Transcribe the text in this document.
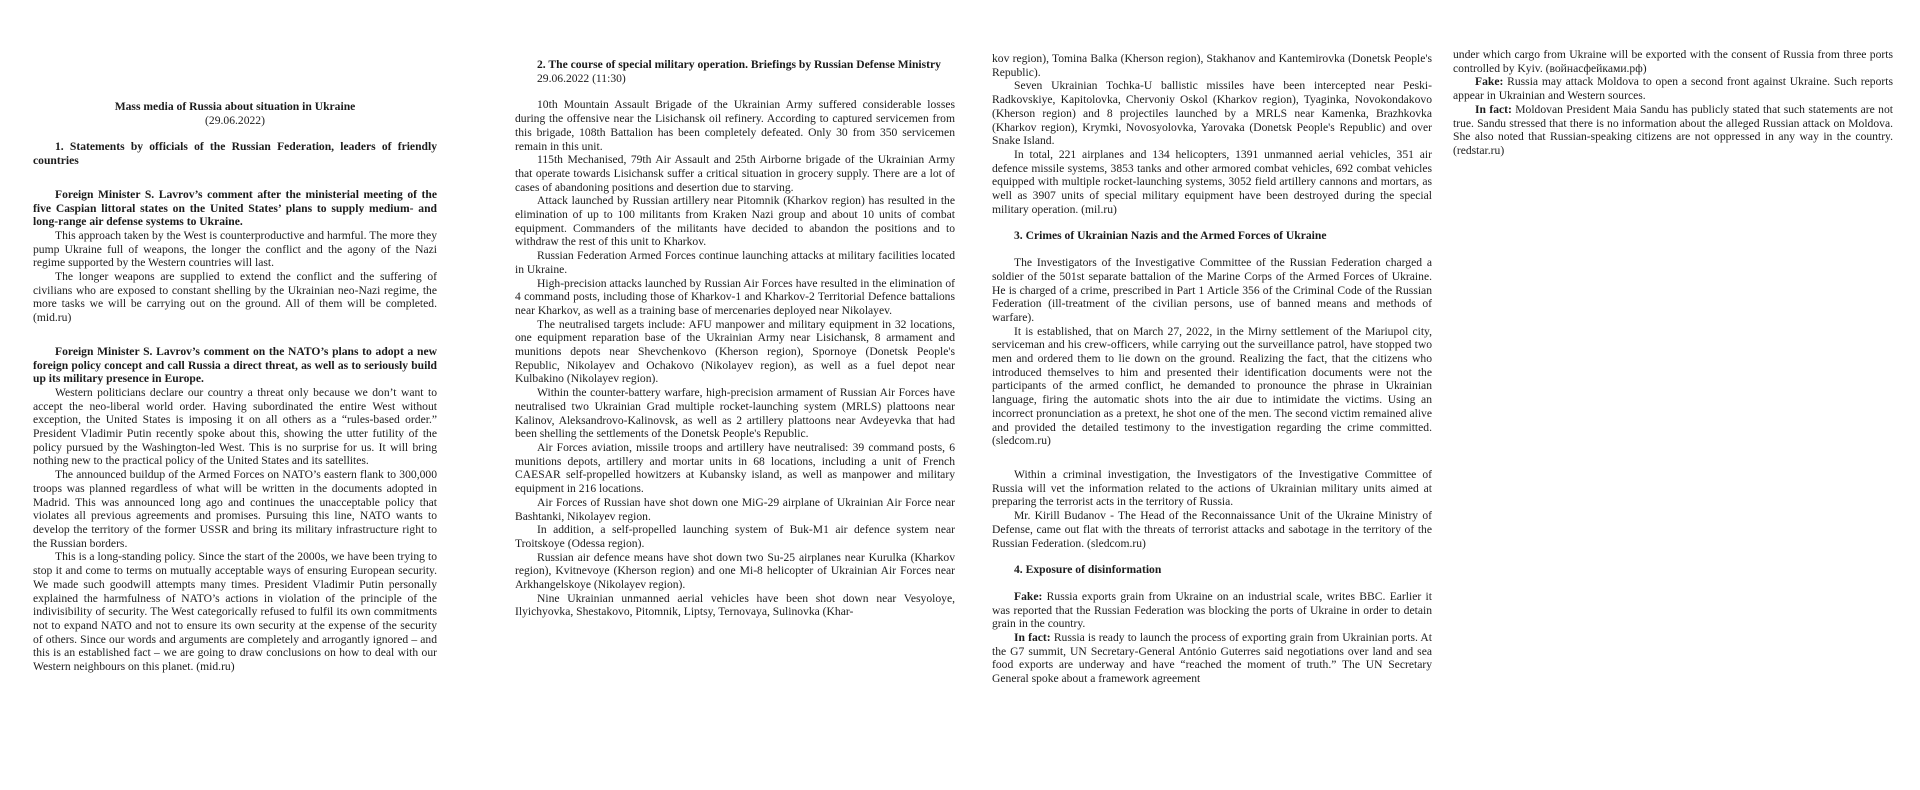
Mass media of Russia about situation in Ukraine

(29.06.2022)

1. Statements by officials of the Russian Federation, leaders of friendly countries

Foreign Minister S. Lavrov’s comment after the ministerial meeting of the five Caspian littoral states on the United States’ plans to supply medium- and long-range air defense systems to Ukraine.

This approach taken by the West is counterproductive and harmful. The more they pump Ukraine full of weapons, the longer the conflict and the agony of the Nazi regime supported by the Western countries will last.

The longer weapons are supplied to extend the conflict and the suffering of civilians who are exposed to constant shelling by the Ukrainian neo-Nazi regime, the more tasks we will be carrying out on the ground. All of them will be completed. (mid.ru)

Foreign Minister S. Lavrov’s comment on the NATO’s plans to adopt a new foreign policy concept and call Russia a direct threat, as well as to seriously build up its military presence in Europe.

Western politicians declare our country a threat only because we don’t want to accept the neo-liberal world order. Having subordinated the entire West without exception, the United States is imposing it on all others as a “rules-based order.” President Vladimir Putin recently spoke about this, showing the utter futility of the policy pursued by the Washington-led West. This is no surprise for us. It will bring nothing new to the practical policy of the United States and its satellites.

The announced buildup of the Armed Forces on NATO’s eastern flank to 300,000 troops was planned regardless of what will be written in the documents adopted in Madrid. This was announced long ago and continues the unacceptable policy that violates all previous agreements and promises. Pursuing this line, NATO wants to develop the territory of the former USSR and bring its military infrastructure right to the Russian borders.

This is a long-standing policy. Since the start of the 2000s, we have been trying to stop it and come to terms on mutually acceptable ways of ensuring European security. We made such goodwill attempts many times. President Vladimir Putin personally explained the harmfulness of NATO’s actions in violation of the principle of the indivisibility of security. The West categorically refused to fulfil its own commitments not to expand NATO and not to ensure its own security at the expense of the security of others. Since our words and arguments are completely and arrogantly ignored – and this is an established fact – we are going to draw conclusions on how to deal with our Western neighbours on this planet. (mid.ru)

2. The course of special military operation. Briefings by Russian Defense Ministry

29.06.2022 (11:30)

10th Mountain Assault Brigade of the Ukrainian Army suffered considerable losses during the offensive near the Lisichansk oil refinery. According to captured servicemen from this brigade, 108th Battalion has been completely defeated. Only 30 from 350 servicemen remain in this unit.

115th Mechanised, 79th Air Assault and 25th Airborne brigade of the Ukrainian Army that operate towards Lisichansk suffer a critical situation in grocery supply. There are a lot of cases of abandoning positions and desertion due to starving.

Attack launched by Russian artillery near Pitomnik (Kharkov region) has resulted in the elimination of up to 100 militants from Kraken Nazi group and about 10 units of combat equipment. Commanders of the militants have decided to abandon the positions and to withdraw the rest of this unit to Kharkov.

Russian Federation Armed Forces continue launching attacks at military facilities located in Ukraine.

High-precision attacks launched by Russian Air Forces have resulted in the elimination of 4 command posts, including those of Kharkov-1 and Kharkov-2 Territorial Defence battalions near Kharkov, as well as a training base of mercenaries deployed near Nikolayev.

The neutralised targets include: AFU manpower and military equipment in 32 locations, one equipment reparation base of the Ukrainian Army near Lisichansk, 8 armament and munitions depots near Shevchenkovo (Kherson region), Spornoye (Donetsk People's Republic, Nikolayev and Ochakovo (Nikolayev region), as well as a fuel depot near Kulbakino (Nikolayev region).

Within the counter-battery warfare, high-precision armament of Russian Air Forces have neutralised two Ukrainian Grad multiple rocket-launching system (MRLS) plattoons near Kalinov, Aleksandrovo-Kalinovsk, as well as 2 artillery plattoons near Avdeyevka that had been shelling the settlements of the Donetsk People's Republic.

Air Forces aviation, missile troops and artillery have neutralised: 39 command posts, 6 munitions depots, artillery and mortar units in 68 locations, including a unit of French CAESAR self-propelled howitzers at Kubansky island, as well as manpower and military equipment in 216 locations.

Air Forces of Russian have shot down one MiG-29 airplane of Ukrainian Air Force near Bashtanki, Nikolayev region.

In addition, a self-propelled launching system of Buk-M1 air defence system near Troitskoye (Odessa region).

Russian air defence means have shot down two Su-25 airplanes near Kurulka (Kharkov region), Kvitnevoye (Kherson region) and one Mi-8 helicopter of Ukrainian Air Forces near Arkhangelskoye (Nikolayev region).

Nine Ukrainian unmanned aerial vehicles have been shot down near Vesyoloye, Ilyichyovka, Shestakovo, Pitomnik, Liptsy, Ternovaya, Sulinovka (Khar-

kov region), Tomina Balka (Kherson region), Stakhanov and Kantemirovka (Donetsk People's Republic).

Seven Ukrainian Tochka-U ballistic missiles have been intercepted near Peski-Radkovskiye, Kapitolovka, Chervoniy Oskol (Kharkov region), Tyaginka, Novokondakovo (Kherson region) and 8 projectiles launched by a MRLS near Kamenka, Brazhkovka (Kharkov region), Krymki, Novosyolovka, Yarovaka (Donetsk People's Republic) and over Snake Island.

In total, 221 airplanes and 134 helicopters, 1391 unmanned aerial vehicles, 351 air defence missile systems, 3853 tanks and other armored combat vehicles, 692 combat vehicles equipped with multiple rocket-launching systems, 3052 field artillery cannons and mortars, as well as 3907 units of special military equipment have been destroyed during the special military operation. (mil.ru)

3. Crimes of Ukrainian Nazis and the Armed Forces of Ukraine

The Investigators of the Investigative Committee of the Russian Federation charged a soldier of the 501st separate battalion of the Marine Corps of the Armed Forces of Ukraine. He is charged of a crime, prescribed in Part 1 Article 356 of the Criminal Code of the Russian Federation (ill-treatment of the civilian persons, use of banned means and methods of warfare).

It is established, that on March 27, 2022, in the Mirny settlement of the Mariupol city, serviceman and his crew-officers, while carrying out the surveillance patrol, have stopped two men and ordered them to lie down on the ground. Realizing the fact, that the citizens who introduced themselves to him and presented their identification documents were not the participants of the armed conflict, he demanded to pronounce the phrase in Ukrainian language, firing the automatic shots into the air due to intimidate the victims. Using an incorrect pronunciation as a pretext, he shot one of the men. The second victim remained alive and provided the detailed testimony to the investigation regarding the crime committed. (sledcom.ru)

Within a criminal investigation, the Investigators of the Investigative Committee of Russia will vet the information related to the actions of Ukrainian military units aimed at preparing the terrorist acts in the territory of Russia.

Mr. Kirill Budanov - The Head of the Reconnaissance Unit of the Ukraine Ministry of Defense, came out flat with the threats of terrorist attacks and sabotage in the territory of the Russian Federation. (sledcom.ru)

4. Exposure of disinformation

Fake: Russia exports grain from Ukraine on an industrial scale, writes BBC. Earlier it was reported that the Russian Federation was blocking the ports of Ukraine in order to detain grain in the country.

In fact: Russia is ready to launch the process of exporting grain from Ukrainian ports. At the G7 summit, UN Secretary-General António Guterres said negotiations over land and sea food exports are underway and have “reached the moment of truth.” The UN Secretary General spoke about a framework agreement

under which cargo from Ukraine will be exported with the consent of Russia from three ports controlled by Kyiv. (войнасфейками.рф)

Fake: Russia may attack Moldova to open a second front against Ukraine. Such reports appear in Ukrainian and Western sources.

In fact: Moldovan President Maia Sandu has publicly stated that such statements are not true. Sandu stressed that there is no information about the alleged Russian attack on Moldova. She also noted that Russian-speaking citizens are not oppressed in any way in the country. (redstar.ru)
